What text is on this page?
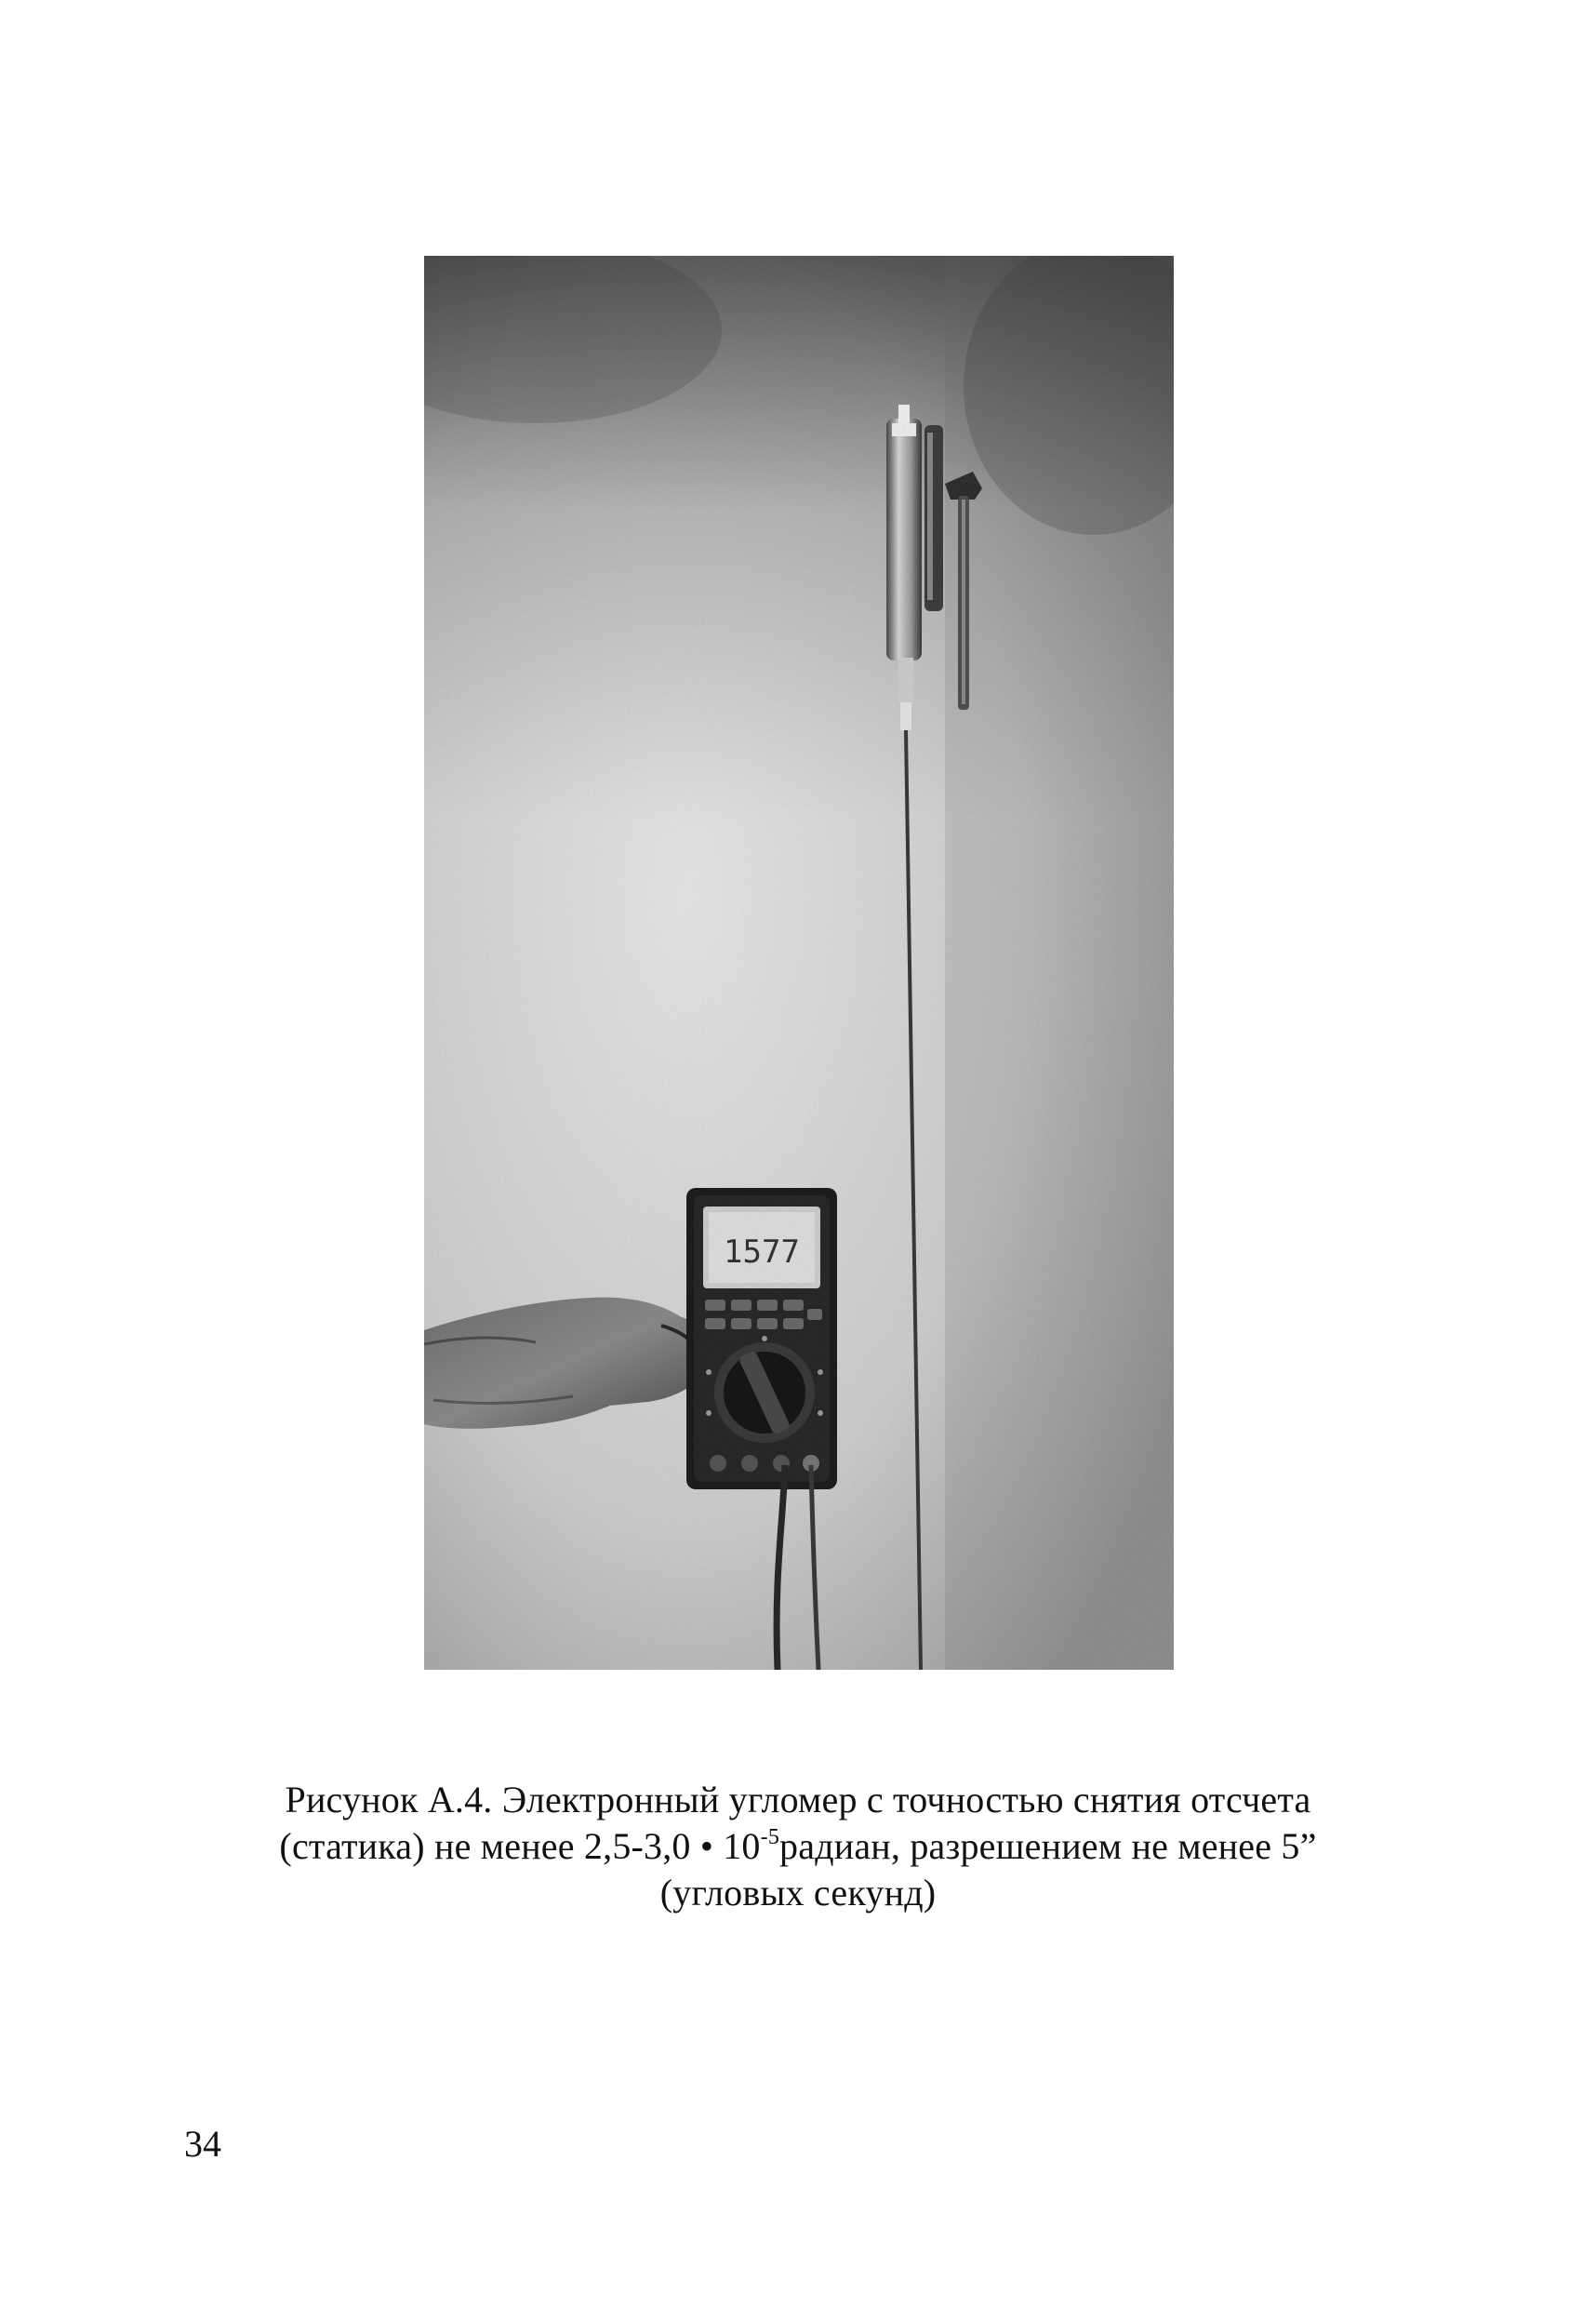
1577
Рисунок А.4. Электронный угломер с точностью снятия отсчета
(статика) не менее 2,5-3,0 • $10^{-5}радиан$, разрешением не менее 5”
(угловых секунд)
34
